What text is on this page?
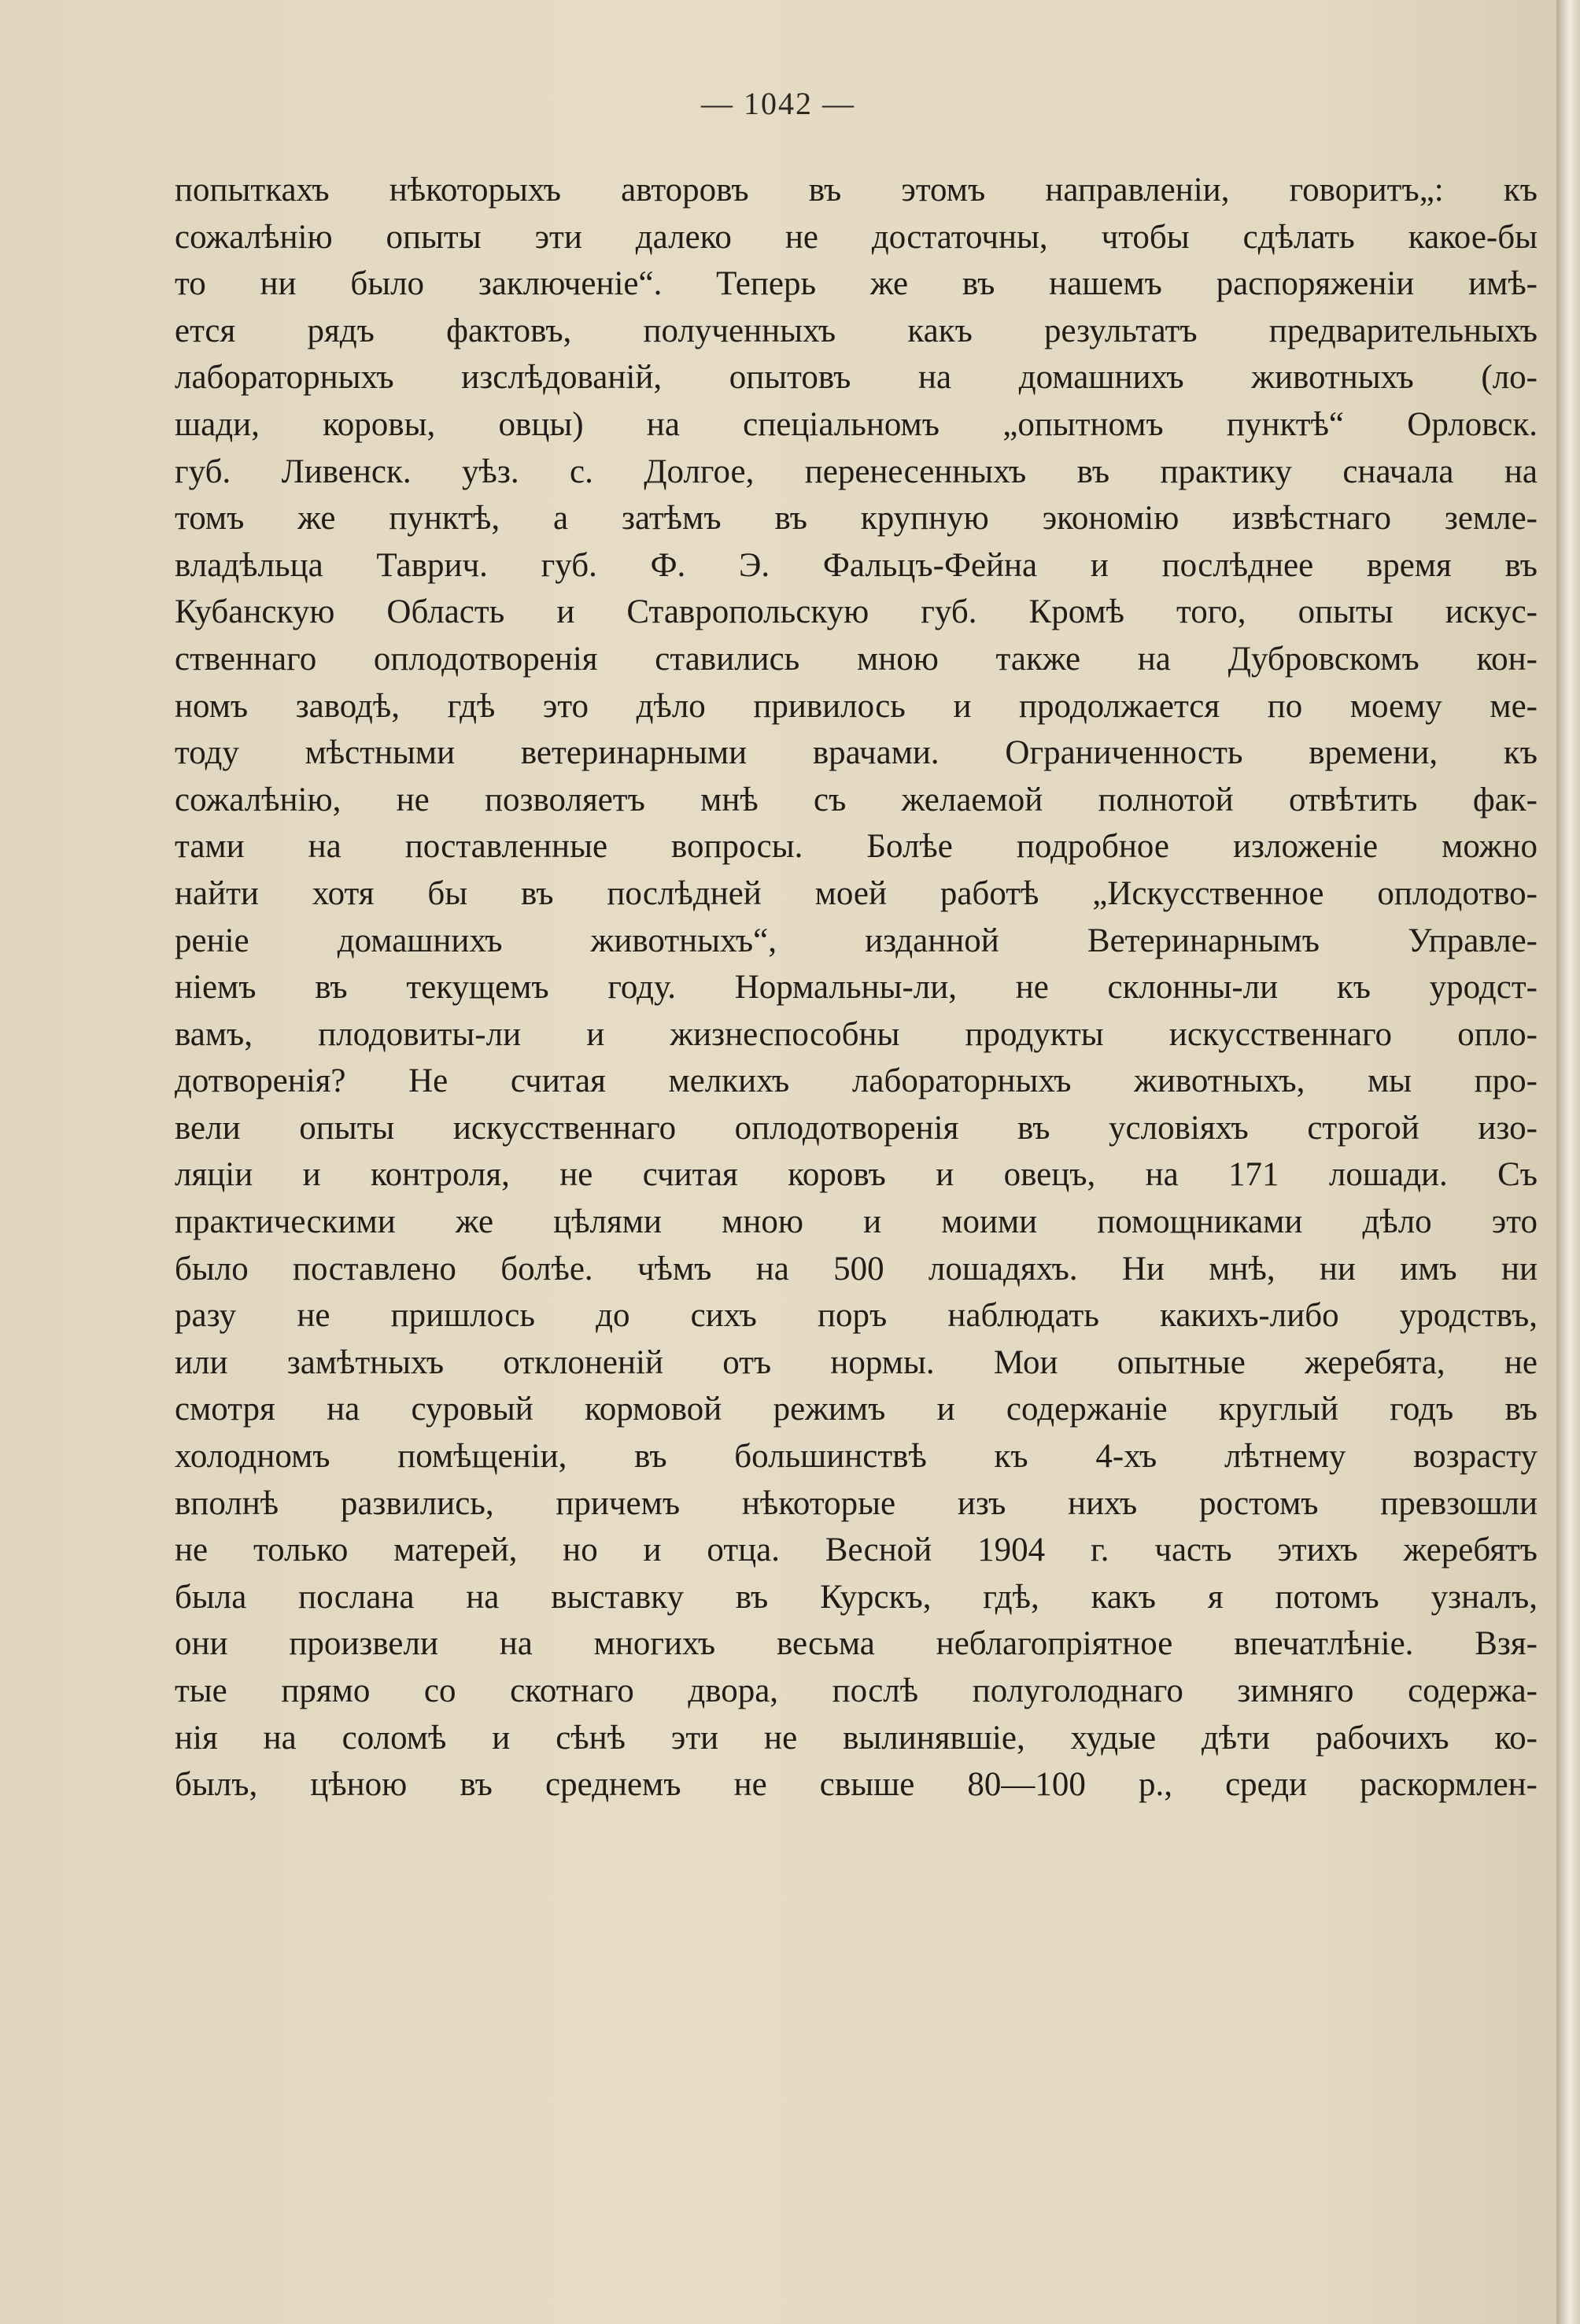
— 1042 —
попыткахъ нѣкоторыхъ авторовъ въ этомъ направленіи, говоритъ„: къ
сожалѣнію опыты эти далеко не достаточны, чтобы сдѣлать какое-бы
то ни было заключеніе“. Теперь же въ нашемъ распоряженіи имѣ-
ется рядъ фактовъ, полученныхъ какъ результатъ предварительныхъ
лабораторныхъ изслѣдованій, опытовъ на домашнихъ животныхъ (ло-
шади, коровы, овцы) на спеціальномъ „опытномъ пунктѣ“ Орловск.
губ. Ливенск. уѣз. с. Долгое, перенесенныхъ въ практику сначала на
томъ же пунктѣ, а затѣмъ въ крупную экономію извѣстнаго земле-
владѣльца Таврич. губ. Ф. Э. Фальцъ-Фейна и послѣднее время въ
Кубанскую Область и Ставропольскую губ. Кромѣ того, опыты искус-
ственнаго оплодотворенія ставились мною также на Дубровскомъ кон-
номъ заводѣ, гдѣ это дѣло привилось и продолжается по моему ме-
тоду мѣстными ветеринарными врачами. Ограниченность времени, къ
сожалѣнію, не позволяетъ мнѣ съ желаемой полнотой отвѣтить фак-
тами на поставленные вопросы. Болѣе подробное изложеніе можно
найти хотя бы въ послѣдней моей работѣ „Искусственное оплодотво-
реніе домашнихъ животныхъ“, изданной Ветеринарнымъ Управле-
ніемъ въ текущемъ году. Нормальны-ли, не склонны-ли къ уродст-
вамъ, плодовиты-ли и жизнеспособны продукты искусственнаго опло-
дотворенія? Не считая мелкихъ лабораторныхъ животныхъ, мы про-
вели опыты искусственнаго оплодотворенія въ условіяхъ строгой изо-
ляціи и контроля, не считая коровъ и овецъ, на 171 лошади. Съ
практическими же цѣлями мною и моими помощниками дѣло это
было поставлено болѣе. чѣмъ на 500 лошадяхъ. Ни мнѣ, ни имъ ни
разу не пришлось до сихъ поръ наблюдать какихъ-либо уродствъ,
или замѣтныхъ отклоненій отъ нормы. Мои опытные жеребята, не
смотря на суровый кормовой режимъ и содержаніе круглый годъ въ
холодномъ помѣщеніи, въ большинствѣ къ 4-хъ лѣтнему возрасту
вполнѣ развились, причемъ нѣкоторые изъ нихъ ростомъ превзошли
не только матерей, но и отца. Весной 1904 г. часть этихъ жеребятъ
была послана на выставку въ Курскъ, гдѣ, какъ я потомъ узналъ,
они произвели на многихъ весьма неблагопріятное впечатлѣніе. Взя-
тые прямо со скотнаго двора, послѣ полуголоднаго зимняго содержа-
нія на соломѣ и сѣнѣ эти не вылинявшіе, худые дѣти рабочихъ ко-
былъ, цѣною въ среднемъ не свыше 80—100 р., среди раскормлен-
